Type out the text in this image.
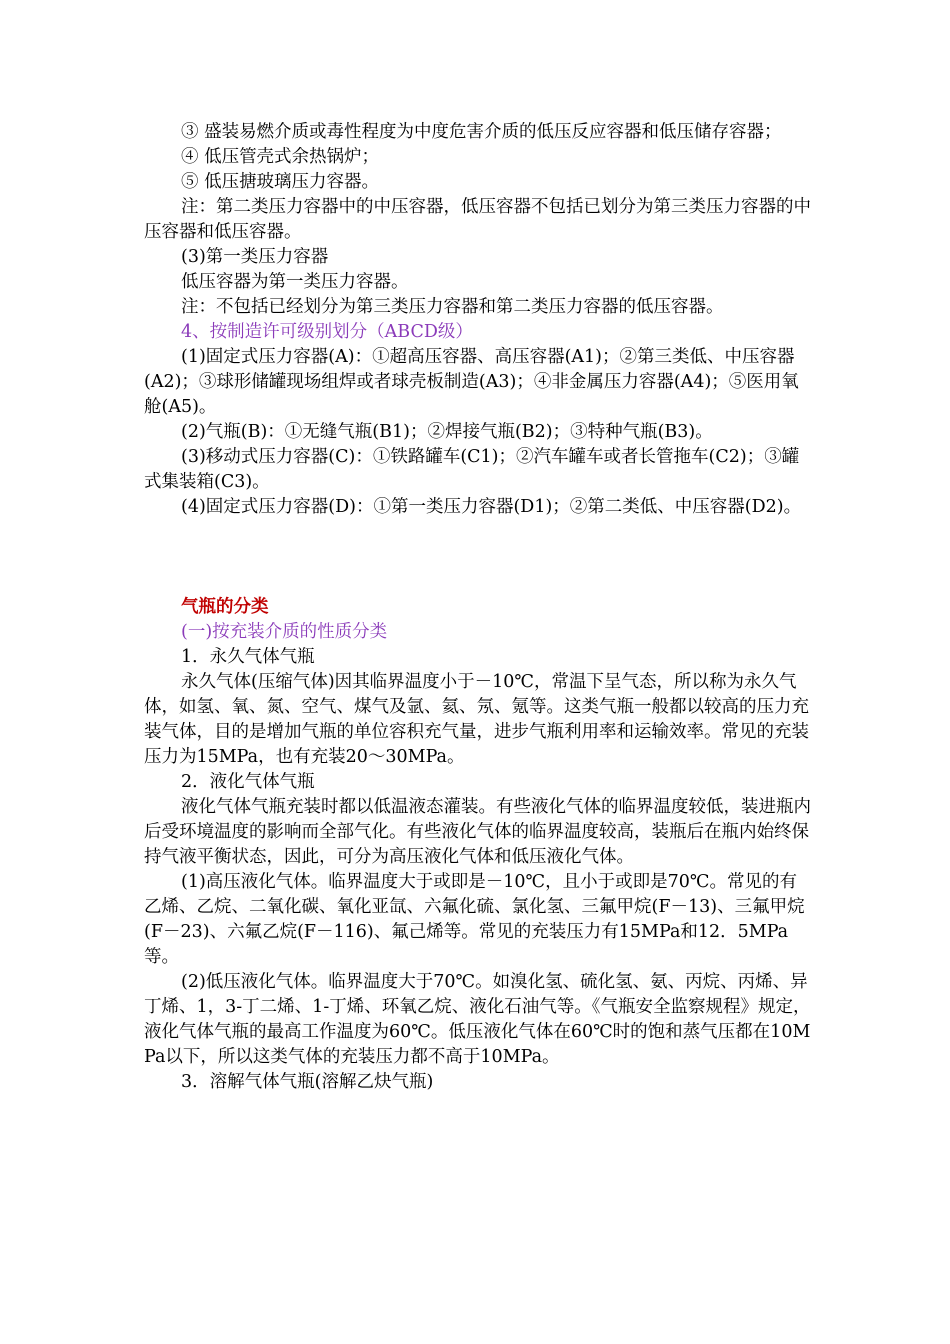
③ 盛装易燃介质或毒性程度为中度危害介质的低压反应容器和低压储存容器；

④ 低压管壳式余热锅炉；

⑤ 低压搪玻璃压力容器。

注：第二类压力容器中的中压容器，低压容器不包括已划分为第三类压力容器的中压容器和低压容器。

(3)第一类压力容器

低压容器为第一类压力容器。

注：不包括已经划分为第三类压力容器和第二类压力容器的低压容器。

4、按制造许可级别划分（ABCD级）

(1)固定式压力容器(A)：①超高压容器、高压容器(A1)；②第三类低、中压容器(A2)；③球形储罐现场组焊或者球壳板制造(A3)；④非金属压力容器(A4)；⑤医用氧舱(A5)。

(2)气瓶(B)：①无缝气瓶(B1)；②焊接气瓶(B2)；③特种气瓶(B3)。

(3)移动式压力容器(C)：①铁路罐车(C1)；②汽车罐车或者长管拖车(C2)；③罐式集装箱(C3)。

(4)固定式压力容器(D)：①第一类压力容器(D1)；②第二类低、中压容器(D2)。

气瓶的分类

(一)按充装介质的性质分类

1．永久气体气瓶

永久气体(压缩气体)因其临界温度小于－10℃，常温下呈气态，所以称为永久气体，如氢、氧、氮、空气、煤气及氩、氦、氖、氪等。这类气瓶一般都以较高的压力充装气体，目的是增加气瓶的单位容积充气量，进步气瓶利用率和运输效率。常见的充装压力为15MPa，也有充装20～30MPa。

2．液化气体气瓶

液化气体气瓶充装时都以低温液态灌装。有些液化气体的临界温度较低，装进瓶内后受环境温度的影响而全部气化。有些液化气体的临界温度较高，装瓶后在瓶内始终保持气液平衡状态，因此，可分为高压液化气体和低压液化气体。

(1)高压液化气体。临界温度大于或即是－10℃，且小于或即是70℃。常见的有乙烯、乙烷、二氧化碳、氧化亚氙、六氟化硫、氯化氢、三氟甲烷(F－13)、三氟甲烷(F－23)、六氟乙烷(F－116)、氟己烯等。常见的充装压力有15MPa和12．5MPa等。

(2)低压液化气体。临界温度大于70℃。如溴化氢、硫化氢、氨、丙烷、丙烯、异丁烯、1，3-丁二烯、1-丁烯、环氧乙烷、液化石油气等。《气瓶安全监察规程》规定，液化气体气瓶的最高工作温度为60℃。低压液化气体在60℃时的饱和蒸气压都在10MPa以下，所以这类气体的充装压力都不高于10MPa。

3．溶解气体气瓶(溶解乙炔气瓶)
